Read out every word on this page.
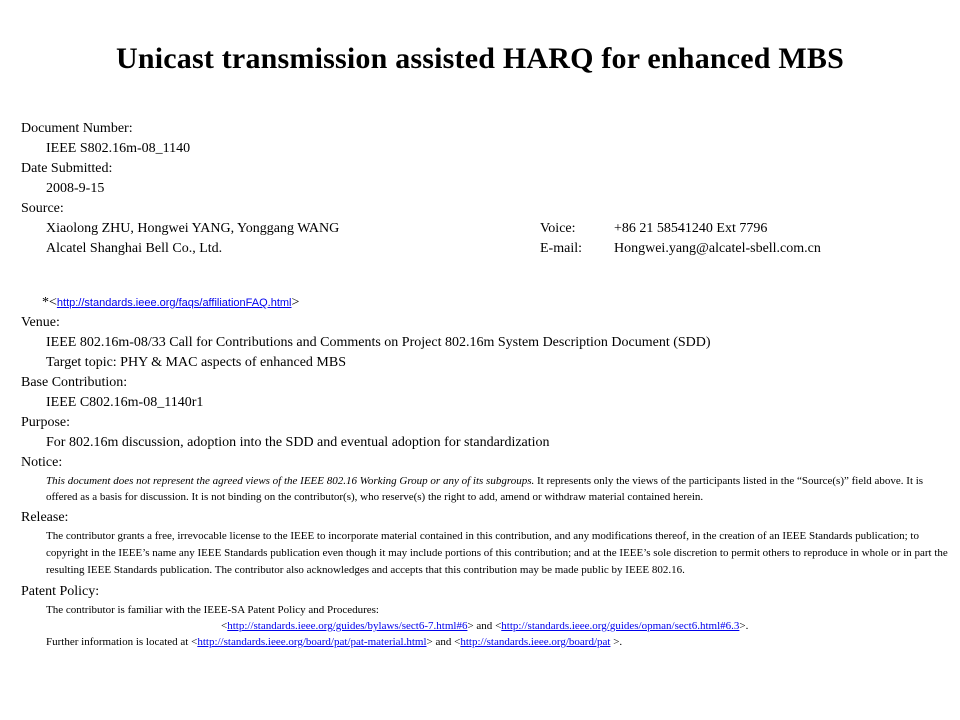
Unicast transmission assisted HARQ for enhanced MBS
Document Number:
IEEE S802.16m-08_1140
Date Submitted:
2008-9-15
Source:
Xiaolong ZHU, Hongwei YANG, Yonggang WANG	Voice:	+86 21 58541240 Ext 7796
Alcatel Shanghai Bell Co., Ltd.	E-mail: Hongwei.yang@alcatel-sbell.com.cn
*<http://standards.ieee.org/faqs/affiliationFAQ.html>
Venue:
IEEE 802.16m-08/33 Call for Contributions and Comments on Project 802.16m System Description Document (SDD)
Target topic: PHY & MAC aspects of enhanced MBS
Base Contribution:
IEEE C802.16m-08_1140r1
Purpose:
For 802.16m discussion, adoption into the SDD and eventual adoption for standardization
Notice:
This document does not represent the agreed views of the IEEE 802.16 Working Group or any of its subgroups. It represents only the views of the participants listed in the “Source(s)” field above. It is offered as a basis for discussion. It is not binding on the contributor(s), who reserve(s) the right to add, amend or withdraw material contained herein.
Release:
The contributor grants a free, irrevocable license to the IEEE to incorporate material contained in this contribution, and any modifications thereof, in the creation of an IEEE Standards publication; to copyright in the IEEE’s name any IEEE Standards publication even though it may include portions of this contribution; and at the IEEE’s sole discretion to permit others to reproduce in whole or in part the resulting IEEE Standards publication. The contributor also acknowledges and accepts that this contribution may be made public by IEEE 802.16.
Patent Policy:
The contributor is familiar with the IEEE-SA Patent Policy and Procedures:
<http://standards.ieee.org/guides/bylaws/sect6-7.html#6> and <http://standards.ieee.org/guides/opman/sect6.html#6.3>.
Further information is located at <http://standards.ieee.org/board/pat/pat-material.html> and <http://standards.ieee.org/board/pat >.
